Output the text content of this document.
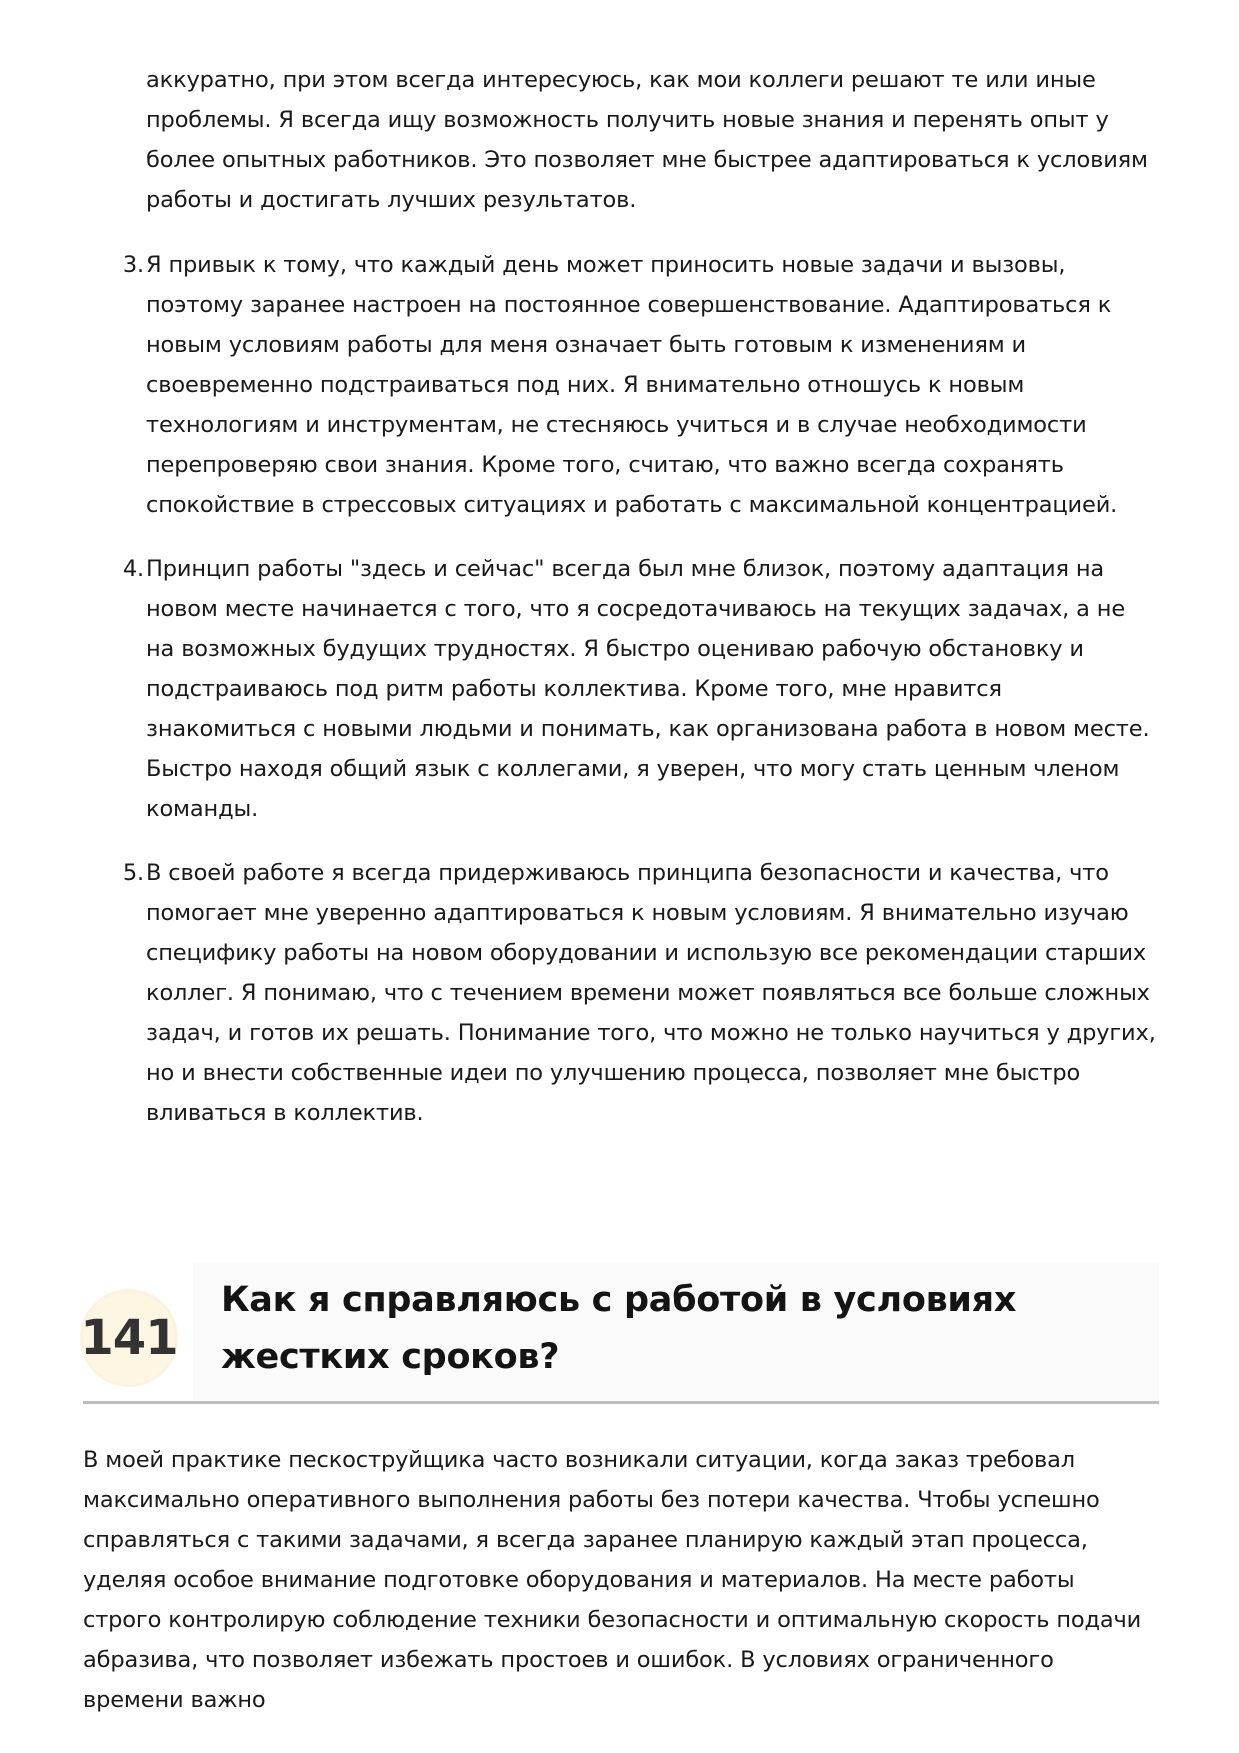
аккуратно, при этом всегда интересуюсь, как мои коллеги решают те или иные проблемы. Я всегда ищу возможность получить новые знания и перенять опыт у более опытных работников. Это позволяет мне быстрее адаптироваться к условиям работы и достигать лучших результатов.

3. Я привык к тому, что каждый день может приносить новые задачи и вызовы, поэтому заранее настроен на постоянное совершенствование. Адаптироваться к новым условиям работы для меня означает быть готовым к изменениям и своевременно подстраиваться под них. Я внимательно отношусь к новым технологиям и инструментам, не стесняюсь учиться и в случае необходимости перепроверяю свои знания. Кроме того, считаю, что важно всегда сохранять спокойствие в стрессовых ситуациях и работать с максимальной концентрацией.
4. Принцип работы "здесь и сейчас" всегда был мне близок, поэтому адаптация на новом месте начинается с того, что я сосредотачиваюсь на текущих задачах, а не на возможных будущих трудностях. Я быстро оцениваю рабочую обстановку и подстраиваюсь под ритм работы коллектива. Кроме того, мне нравится знакомиться с новыми людьми и понимать, как организована работа в новом месте. Быстро находя общий язык с коллегами, я уверен, что могу стать ценным членом команды.
5. В своей работе я всегда придерживаюсь принципа безопасности и качества, что помогает мне уверенно адаптироваться к новым условиям. Я внимательно изучаю специфику работы на новом оборудовании и использую все рекомендации старших коллег. Я понимаю, что с течением времени может появляться все больше сложных задач, и готов их решать. Понимание того, что можно не только научиться у других, но и внести собственные идеи по улучшению процесса, позволяет мне быстро вливаться в коллектив.
141
Как я справляюсь с работой в условиях жестких сроков?

В моей практике пескоструйщика часто возникали ситуации, когда заказ требовал максимально оперативного выполнения работы без потери качества. Чтобы успешно справляться с такими задачами, я всегда заранее планирую каждый этап процесса, уделяя особое внимание подготовке оборудования и материалов. На месте работы строго контролирую соблюдение техники безопасности и оптимальную скорость подачи абразива, что позволяет избежать простоев и ошибок. В условиях ограниченного времени важно
